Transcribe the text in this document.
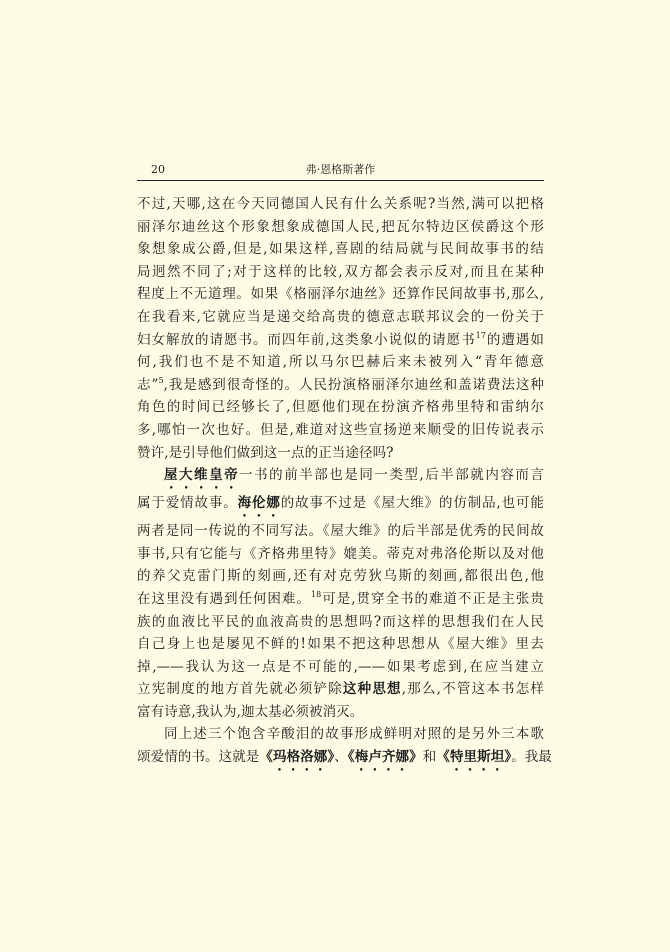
20	弗·恩格斯著作
不过,天哪,这在今天同德国人民有什么关系呢?当然,满可以把格
丽泽尔迪丝这个形象想象成德国人民,把瓦尔特边区侯爵这个形
象想象成公爵,但是,如果这样,喜剧的结局就与民间故事书的结
局迥然不同了;对于这样的比较,双方都会表示反对,而且在某种
程度上不无道理。如果《格丽泽尔迪丝》还算作民间故事书,那么,
在我看来,它就应当是递交给高贵的德意志联邦议会的一份关于
妇女解放的请愿书。而四年前,这类象小说似的请愿书$^{17}$的遭遇如
何,我们也不是不知道,所以马尔巴赫后来未被列入“青年德意
志”$^5$,我是感到很奇怪的。人民扮演格丽泽尔迪丝和盖诺费法这种
角色的时间已经够长了,但愿他们现在扮演齐格弗里特和雷纳尔
多,哪怕一次也好。但是,难道对这些宣扬逆来顺受的旧传说表示
赞许,是引导他们做到这一点的正当途径吗?
屋大维皇帝一书的前半部也是同一类型,后半部就内容而言
属于爱情故事。海伦娜的故事不过是《屋大维》的仿制品,也可能
两者是同一传说的不同写法。《屋大维》的后半部是优秀的民间故
事书,只有它能与《齐格弗里特》媲美。蒂克对弗洛伦斯以及对他
的养父克雷门斯的刻画,还有对克劳狄乌斯的刻画,都很出色,他
在这里没有遇到任何困难。$^{18}$可是,贯穿全书的难道不正是主张贵
族的血液比平民的血液高贵的思想吗?而这样的思想我们在人民
自己身上也是屡见不鲜的!如果不把这种思想从《屋大维》里去
掉,——我认为这一点是不可能的,——如果考虑到,在应当建立
立宪制度的地方首先就必须铲除这种思想,那么,不管这本书怎样
富有诗意,我认为,迦太基必须被消灭。
同上述三个饱含辛酸泪的故事形成鲜明对照的是另外三本歌
颂爱情的书。这就是《玛格洛娜》、《梅卢齐娜》和《特里斯坦》。我最
